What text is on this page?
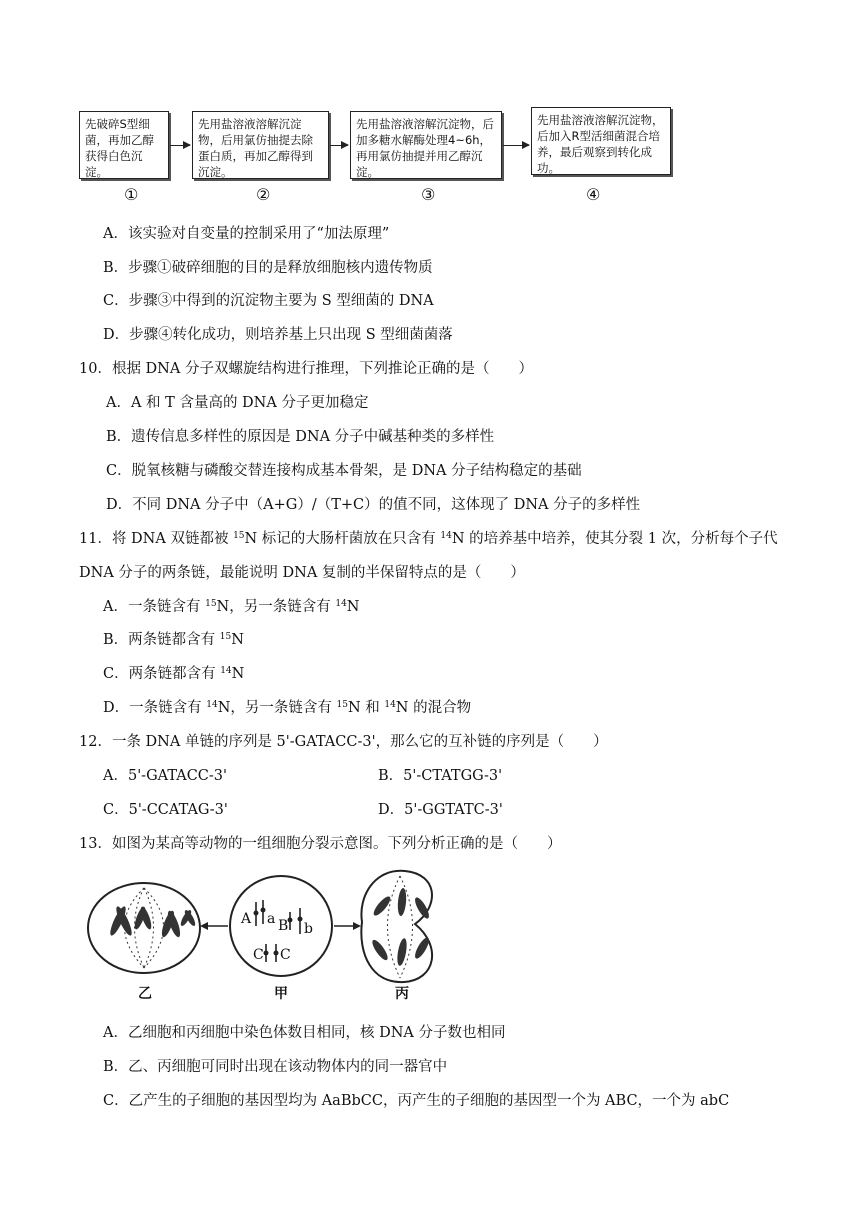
先破碎S型细菌，再加乙醇获得白色沉淀。
先用盐溶液溶解沉淀物，后用氯仿抽提去除蛋白质，再加乙醇得到沉淀。
先用盐溶液溶解沉淀物，后加多糖水解酶处理4~6h，再用氯仿抽提并用乙醇沉淀。
先用盐溶液溶解沉淀物，后加入R型活细菌混合培养，最后观察到转化成功。
①	②	③	④
A．该实验对自变量的控制采用了“加法原理”
B．步骤①破碎细胞的目的是释放细胞核内遗传物质
C．步骤③中得到的沉淀物主要为 S 型细菌的 DNA
D．步骤④转化成功，则培养基上只出现 S 型细菌菌落
10．根据 DNA 分子双螺旋结构进行推理，下列推论正确的是（　　）
A．A 和 T 含量高的 DNA 分子更加稳定
B．遗传信息多样性的原因是 DNA 分子中碱基种类的多样性
C．脱氧核糖与磷酸交替连接构成基本骨架，是 DNA 分子结构稳定的基础
D．不同 DNA 分子中（A+G）/（T+C）的值不同，这体现了 DNA 分子的多样性
11．将 DNA 双链都被 $^{15}$N 标记的大肠杆菌放在只含有 $^{14}$N 的培养基中培养，使其分裂 1 次，分析每个子代
DNA 分子的两条链，最能说明 DNA 复制的半保留特点的是（　　）
A．一条链含有 $^{15}$N，另一条链含有 $^{14}$N
B．两条链都含有 $^{15}$N
C．两条链都含有 $^{14}$N
D．一条链含有 $^{14}$N，另一条链含有 $^{15}$N 和 $^{14}$N 的混合物
12．一条 DNA 单链的序列是 5'-GATACC-3'，那么它的互补链的序列是（　　）
A．5'-GATACC-3'	B．5'-CTATGG-3'
C．5'-CCATAG-3'	D．5'-GGTATC-3'
13．如图为某高等动物的一组细胞分裂示意图。下列分析正确的是（　　）
A a B b
C C
乙	甲	丙
A．乙细胞和丙细胞中染色体数目相同，核 DNA 分子数也相同
B．乙、丙细胞可同时出现在该动物体内的同一器官中
C．乙产生的子细胞的基因型均为 AaBbCC，丙产生的子细胞的基因型一个为 ABC，一个为 abC
